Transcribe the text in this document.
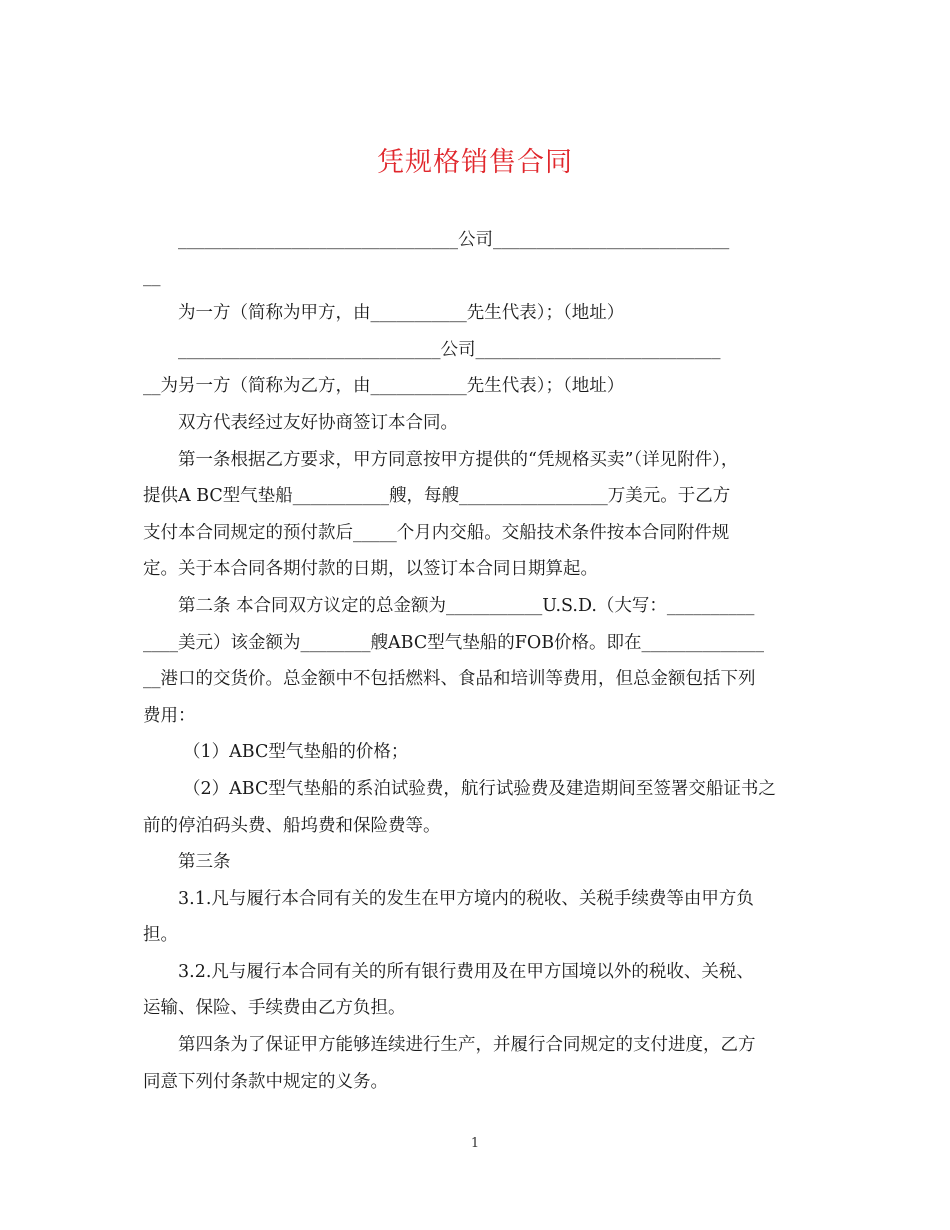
凭规格销售合同

________________________________公司___________________________

__

为一方（简称为甲方，由___________先生代表）；（地址）

______________________________公司____________________________

__为另一方（简称为乙方，由___________先生代表）；（地址）

双方代表经过友好协商签订本合同。

第一条根据乙方要求，甲方同意按甲方提供的“凭规格买卖”（详见附件），

提供A BC型气垫船___________艘，每艘_________________万美元。于乙方

支付本合同规定的预付款后_____个月内交船。交船技术条件按本合同附件规

定。关于本合同各期付款的日期，以签订本合同日期算起。

第二条 本合同双方议定的总金额为___________U.S.D.（大写：__________

____美元）该金额为________艘ABC型气垫船的FOB价格。即在______________

__港口的交货价。总金额中不包括燃料、食品和培训等费用，但总金额包括下列

费用：

（1）ABC型气垫船的价格；

（2）ABC型气垫船的系泊试验费，航行试验费及建造期间至签署交船证书之

前的停泊码头费、船坞费和保险费等。

第三条

3.1.凡与履行本合同有关的发生在甲方境内的税收、关税手续费等由甲方负

担。

3.2.凡与履行本合同有关的所有银行费用及在甲方国境以外的税收、关税、

运输、保险、手续费由乙方负担。

第四条为了保证甲方能够连续进行生产，并履行合同规定的支付进度，乙方

同意下列付条款中规定的义务。

1
